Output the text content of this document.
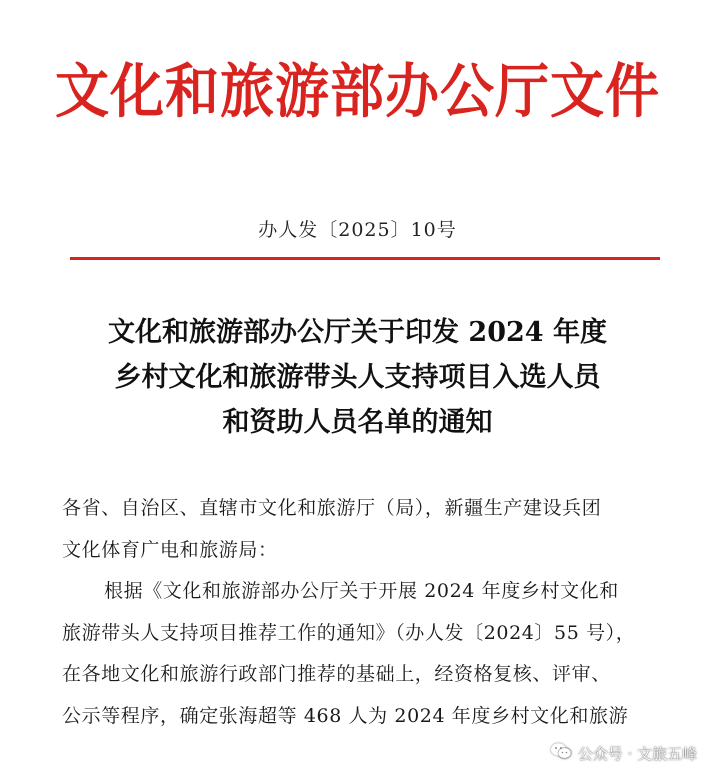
文化和旅游部办公厅文件
办人发〔2025〕10号
文化和旅游部办公厅关于印发 2024 年度
乡村文化和旅游带头人支持项目入选人员
和资助人员名单的通知
各省、自治区、直辖市文化和旅游厅（局），新疆生产建设兵团
文化体育广电和旅游局：
根据《文化和旅游部办公厅关于开展 2024 年度乡村文化和
旅游带头人支持项目推荐工作的通知》（办人发〔2024〕55 号），
在各地文化和旅游行政部门推荐的基础上，经资格复核、评审、
公示等程序，确定张海超等 468 人为 2024 年度乡村文化和旅游
公众号 · 文旅五峰
